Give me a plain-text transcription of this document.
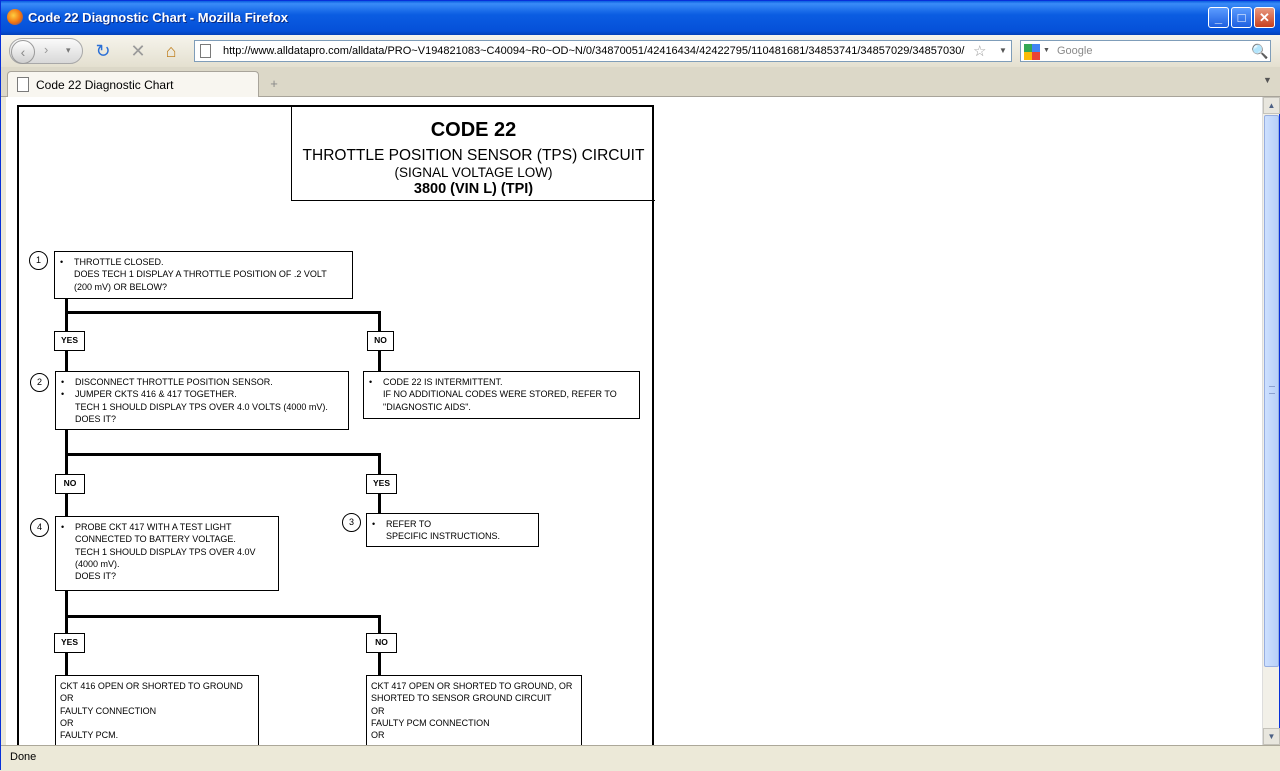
Code 22 Diagnostic Chart - Mozilla Firefox	_	□	✕
‹	› ▾ ↻ ✕	⌂	http://www.alldatapro.com/alldata/PRO~V194821083~C40094~R0~OD~N/0/34870051/42416434/42422795/110481681/34853741/34857029/34857030/ ☆ ▼	▼ Google	🔍
Code 22 Diagnostic Chart	+	▼
CODE 22
THROTTLE POSITION SENSOR (TPS) CIRCUIT
(SIGNAL VOLTAGE LOW)
3800 (VIN L) (TPI)
1	• THROTTLE CLOSED.
DOES TECH 1 DISPLAY A THROTTLE POSITION OF .2 VOLT
(200 mV) OR BELOW?
YES	NO
2	• DISCONNECT THROTTLE POSITION SENSOR.
• JUMPER CKTS 416 & 417 TOGETHER.
TECH 1 SHOULD DISPLAY TPS OVER 4.0 VOLTS (4000 mV).
DOES IT?
• CODE 22 IS INTERMITTENT.
IF NO ADDITIONAL CODES WERE STORED, REFER TO
"DIAGNOSTIC AIDS".
NO	YES
4	• PROBE CKT 417 WITH A TEST LIGHT
CONNECTED TO BATTERY VOLTAGE.
TECH 1 SHOULD DISPLAY TPS OVER 4.0V
(4000 mV).
DOES IT?
3	• REFER TO
SPECIFIC INSTRUCTIONS.
YES	NO
CKT 416 OPEN OR SHORTED TO GROUND
OR
FAULTY CONNECTION
OR
FAULTY PCM.
CKT 417 OPEN OR SHORTED TO GROUND, OR
SHORTED TO SENSOR GROUND CIRCUIT
OR
FAULTY PCM CONNECTION
OR
▲
▼
Done
